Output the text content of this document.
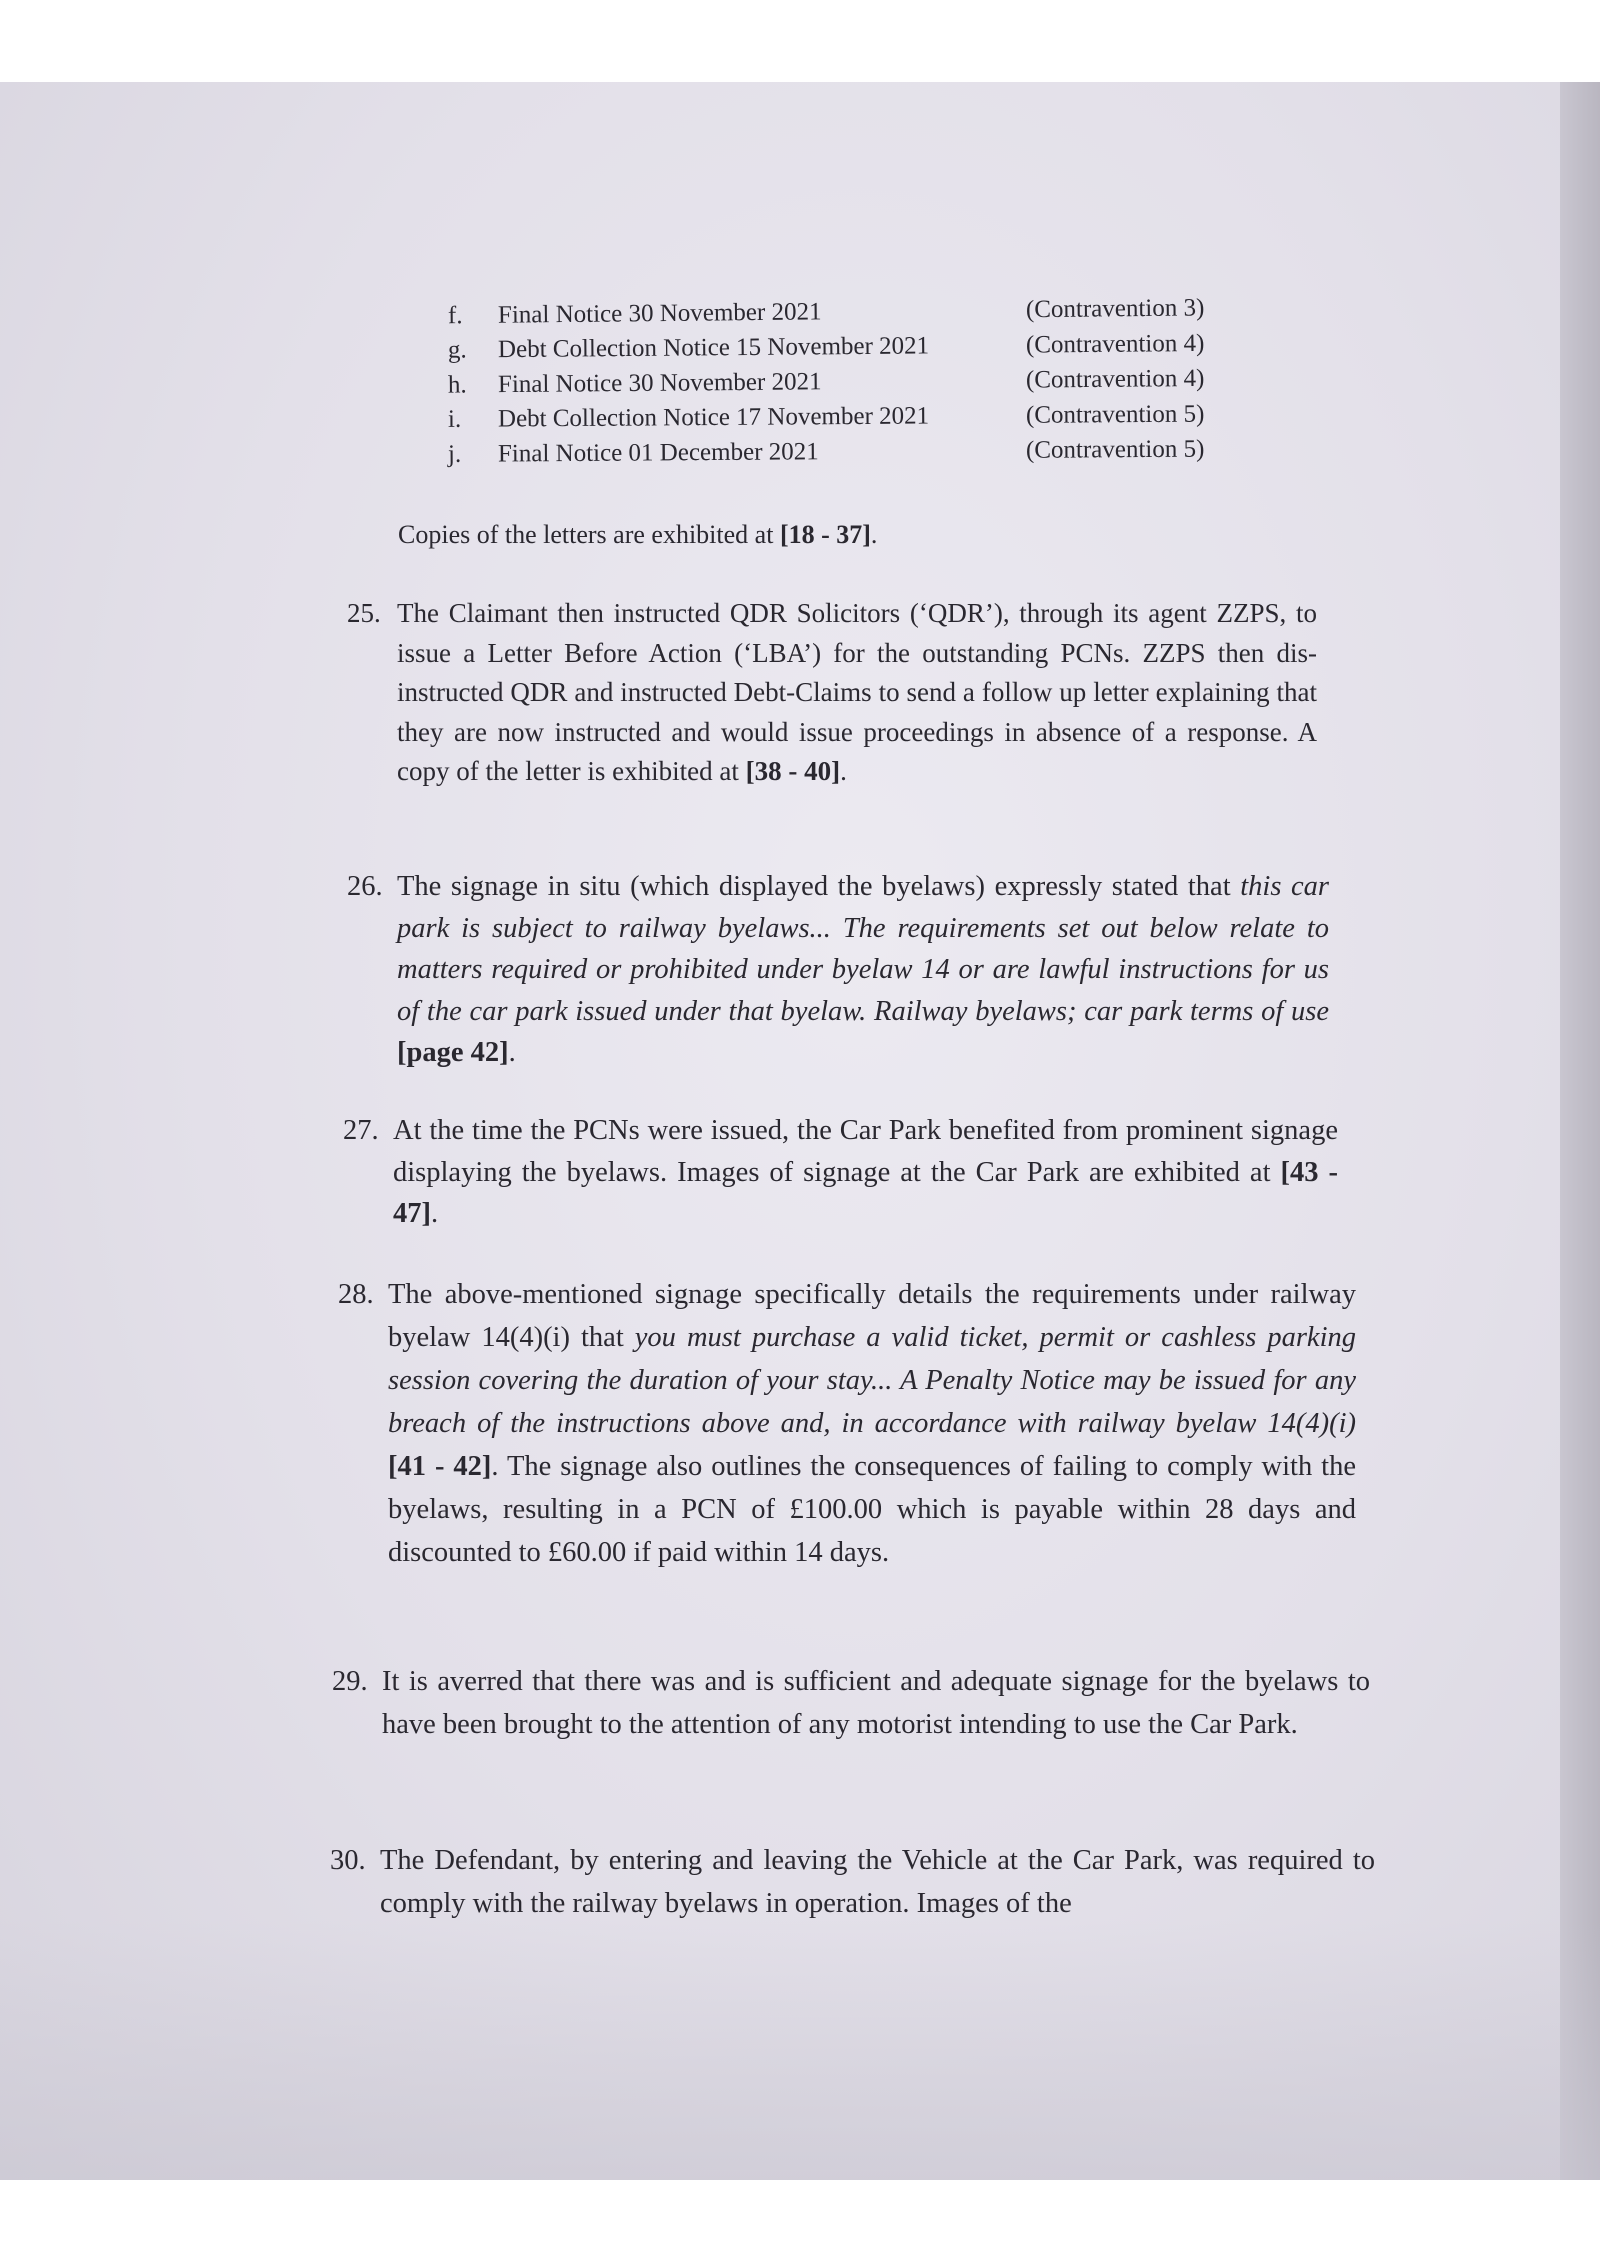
f. Final Notice 30 November 2021	(Contravention 3)
g. Debt Collection Notice 15 November 2021	(Contravention 4)
h. Final Notice 30 November 2021	(Contravention 4)
i. Debt Collection Notice 17 November 2021	(Contravention 5)
j. Final Notice 01 December 2021	(Contravention 5)
Copies of the letters are exhibited at [18 - 37].
25. The Claimant then instructed QDR Solicitors (‘QDR’), through its agent ZZPS, to issue a Letter Before Action (‘LBA’) for the outstanding PCNs. ZZPS then dis-instructed QDR and instructed Debt-Claims to send a follow up letter explaining that they are now instructed and would issue proceedings in absence of a response. A copy of the letter is exhibited at [38 - 40].
26. The signage in situ (which displayed the byelaws) expressly stated that this car park is subject to railway byelaws... The requirements set out below relate to matters required or prohibited under byelaw 14 or are lawful instructions for us of the car park issued under that byelaw. Railway byelaws; car park terms of use [page 42].
27. At the time the PCNs were issued, the Car Park benefited from prominent signage displaying the byelaws. Images of signage at the Car Park are exhibited at [43 - 47].
28. The above-mentioned signage specifically details the requirements under railway byelaw 14(4)(i) that you must purchase a valid ticket, permit or cashless parking session covering the duration of your stay... A Penalty Notice may be issued for any breach of the instructions above and, in accordance with railway byelaw 14(4)(i) [41 - 42]. The signage also outlines the consequences of failing to comply with the byelaws, resulting in a PCN of £100.00 which is payable within 28 days and discounted to £60.00 if paid within 14 days.
29. It is averred that there was and is sufficient and adequate signage for the byelaws to have been brought to the attention of any motorist intending to use the Car Park.
30. The Defendant, by entering and leaving the Vehicle at the Car Park, was required to comply with the railway byelaws in operation. Images of the
